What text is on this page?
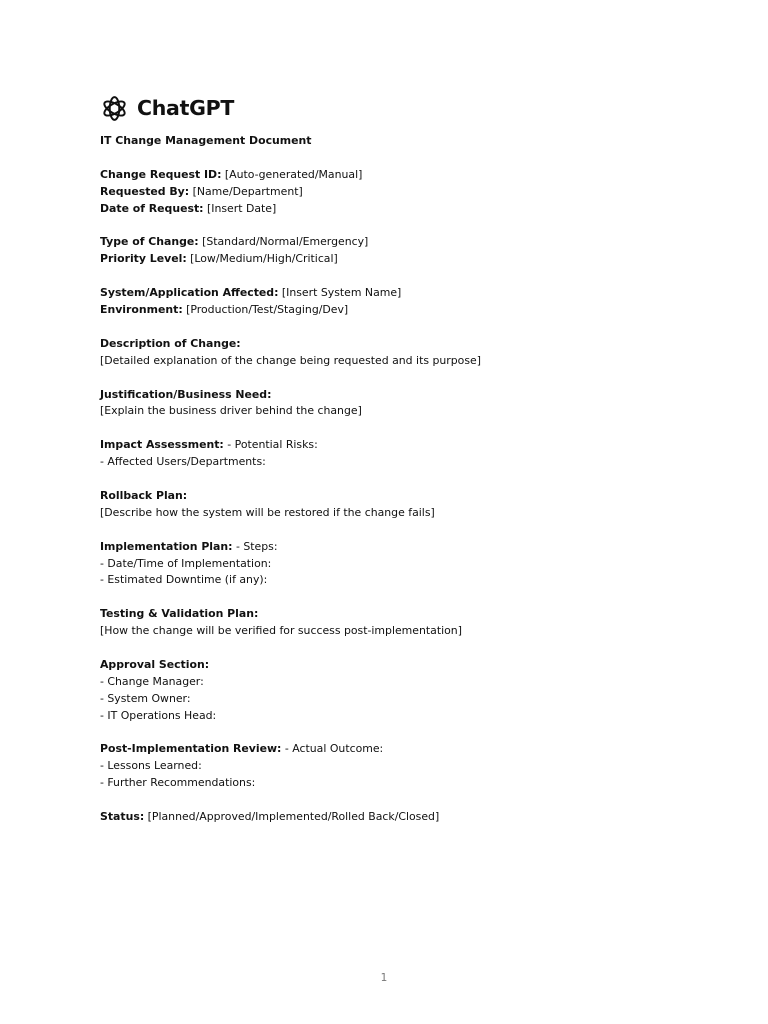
ChatGPT

IT Change Management Document

Change Request ID: [Auto-generated/Manual]

Requested By: [Name/Department]

Date of Request: [Insert Date]

Type of Change: [Standard/Normal/Emergency]

Priority Level: [Low/Medium/High/Critical]

System/Application Affected: [Insert System Name]

Environment: [Production/Test/Staging/Dev]

Description of Change:

[Detailed explanation of the change being requested and its purpose]

Justification/Business Need:

[Explain the business driver behind the change]

Impact Assessment: - Potential Risks:

- Affected Users/Departments:

Rollback Plan:

[Describe how the system will be restored if the change fails]

Implementation Plan: - Steps:

- Date/Time of Implementation:

- Estimated Downtime (if any):

Testing & Validation Plan:

[How the change will be verified for success post-implementation]

Approval Section:

- Change Manager:

- System Owner:

- IT Operations Head:

Post-Implementation Review: - Actual Outcome:

- Lessons Learned:

- Further Recommendations:

Status: [Planned/Approved/Implemented/Rolled Back/Closed]

1
